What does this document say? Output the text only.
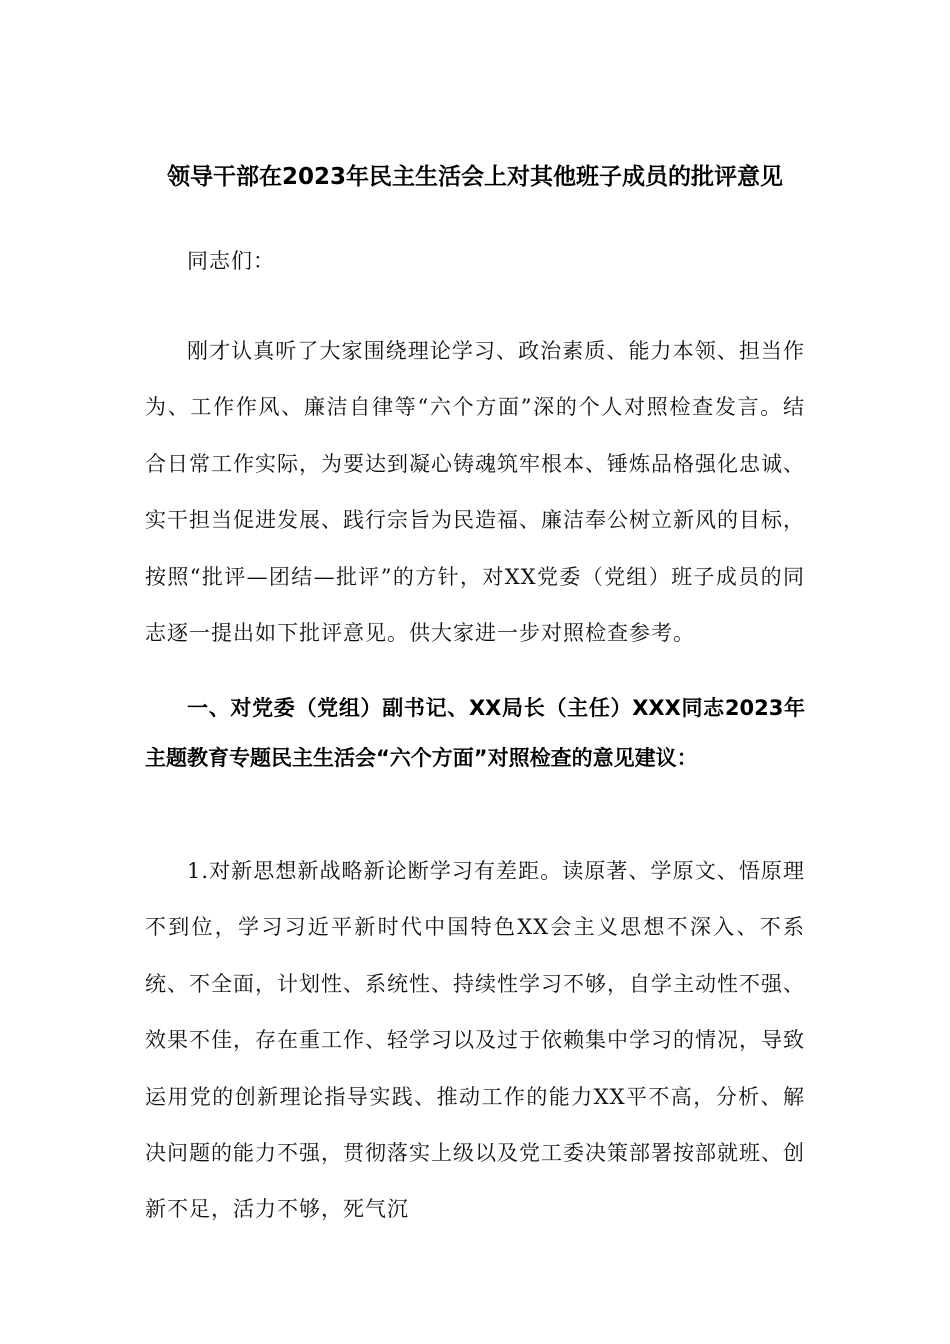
领导干部在2023年民主生活会上对其他班子成员的批评意见

同志们：

刚才认真听了大家围绕理论学习、政治素质、能力本领、担当作为、工作作风、廉洁自律等“六个方面”深的个人对照检查发言。结合日常工作实际，为要达到凝心铸魂筑牢根本、锤炼品格强化忠诚、实干担当促进发展、践行宗旨为民造福、廉洁奉公树立新风的目标，按照“批评—团结—批评”的方针，对XX党委（党组）班子成员的同志逐一提出如下批评意见。供大家进一步对照检查参考。

一、对党委（党组）副书记、XX局长（主任）XXX同志2023年主题教育专题民主生活会“六个方面”对照检查的意见建议：

1.对新思想新战略新论断学习有差距。读原著、学原文、悟原理不到位，学习习近平新时代中国特色XX会主义思想不深入、不系统、不全面，计划性、系统性、持续性学习不够，自学主动性不强、效果不佳，存在重工作、轻学习以及过于依赖集中学习的情况，导致运用党的创新理论指导实践、推动工作的能力XX平不高，分析、解决问题的能力不强，贯彻落实上级以及党工委决策部署按部就班、创新不足，活力不够，死气沉
